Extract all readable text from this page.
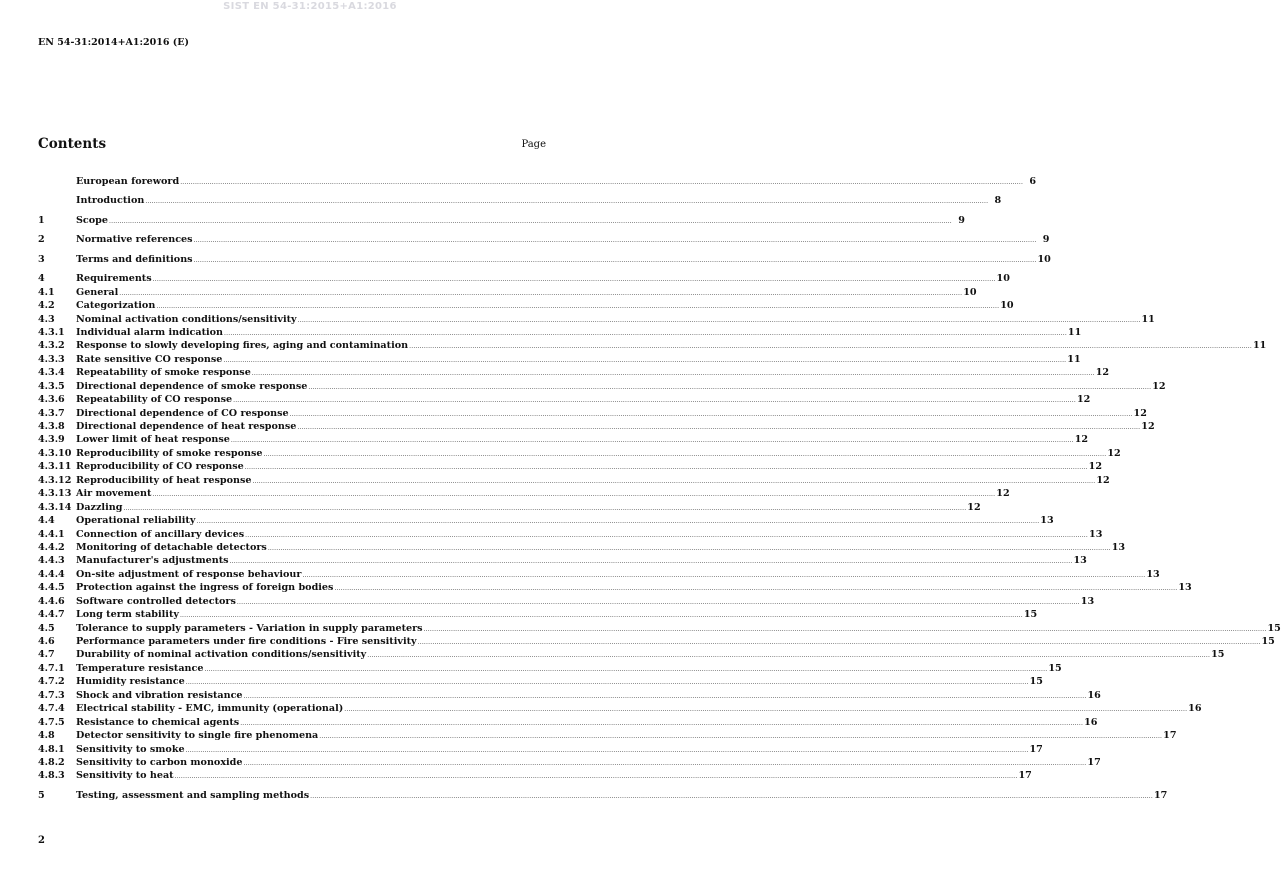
SIST EN 54-31:2015+A1:2016
EN 54-31:2014+A1:2016 (E)
Contents	Page
European foreword ................................................................................................................................................................................................................................................................................................................................................................................................................ 6
Introduction ................................................................................................................................................................................................................................................................................................................................................................................................................ 8
1	Scope ................................................................................................................................................................................................................................................................................................................................................................................................................ 9
2	Normative references ................................................................................................................................................................................................................................................................................................................................................................................................................ 9
3	Terms and definitions ................................................................................................................................................................................................................................................................................................................................................................................................................ 10
4	Requirements ................................................................................................................................................................................................................................................................................................................................................................................................................ 10
4.1	General ................................................................................................................................................................................................................................................................................................................................................................................................................ 10
4.2	Categorization ................................................................................................................................................................................................................................................................................................................................................................................................................ 10
4.3	Nominal activation conditions/sensitivity ................................................................................................................................................................................................................................................................................................................................................................................................................ 11
4.3.1	Individual alarm indication ................................................................................................................................................................................................................................................................................................................................................................................................................ 11
4.3.2	Response to slowly developing fires, aging and contamination ................................................................................................................................................................................................................................................................................................................................................................................................................ 11
4.3.3	Rate sensitive CO response ................................................................................................................................................................................................................................................................................................................................................................................................................ 11
4.3.4	Repeatability of smoke response ................................................................................................................................................................................................................................................................................................................................................................................................................ 12
4.3.5	Directional dependence of smoke response ................................................................................................................................................................................................................................................................................................................................................................................................................ 12
4.3.6	Repeatability of CO response ................................................................................................................................................................................................................................................................................................................................................................................................................ 12
4.3.7	Directional dependence of CO response ................................................................................................................................................................................................................................................................................................................................................................................................................ 12
4.3.8	Directional dependence of heat response ................................................................................................................................................................................................................................................................................................................................................................................................................ 12
4.3.9	Lower limit of heat response ................................................................................................................................................................................................................................................................................................................................................................................................................ 12
4.3.10 Reproducibility of smoke response ................................................................................................................................................................................................................................................................................................................................................................................................................ 12
4.3.11 Reproducibility of CO response ................................................................................................................................................................................................................................................................................................................................................................................................................ 12
4.3.12 Reproducibility of heat response ................................................................................................................................................................................................................................................................................................................................................................................................................ 12
4.3.13 Air movement ................................................................................................................................................................................................................................................................................................................................................................................................................ 12
4.3.14 Dazzling ................................................................................................................................................................................................................................................................................................................................................................................................................ 12
4.4	Operational reliability ................................................................................................................................................................................................................................................................................................................................................................................................................ 13
4.4.1	Connection of ancillary devices ................................................................................................................................................................................................................................................................................................................................................................................................................ 13
4.4.2	Monitoring of detachable detectors ................................................................................................................................................................................................................................................................................................................................................................................................................ 13
4.4.3	Manufacturer's adjustments ................................................................................................................................................................................................................................................................................................................................................................................................................ 13
4.4.4	On-site adjustment of response behaviour ................................................................................................................................................................................................................................................................................................................................................................................................................ 13
4.4.5	Protection against the ingress of foreign bodies ................................................................................................................................................................................................................................................................................................................................................................................................................ 13
4.4.6	Software controlled detectors ................................................................................................................................................................................................................................................................................................................................................................................................................ 13
4.4.7	Long term stability ................................................................................................................................................................................................................................................................................................................................................................................................................ 15
4.5	Tolerance to supply parameters - Variation in supply parameters ................................................................................................................................................................................................................................................................................................................................................................................................................ 15
4.6	Performance parameters under fire conditions - Fire sensitivity ................................................................................................................................................................................................................................................................................................................................................................................................................ 15
4.7	Durability of nominal activation conditions/sensitivity ................................................................................................................................................................................................................................................................................................................................................................................................................ 15
4.7.1	Temperature resistance ................................................................................................................................................................................................................................................................................................................................................................................................................ 15
4.7.2	Humidity resistance ................................................................................................................................................................................................................................................................................................................................................................................................................ 15
4.7.3	Shock and vibration resistance ................................................................................................................................................................................................................................................................................................................................................................................................................ 16
4.7.4	Electrical stability - EMC, immunity (operational) ................................................................................................................................................................................................................................................................................................................................................................................................................ 16
4.7.5	Resistance to chemical agents ................................................................................................................................................................................................................................................................................................................................................................................................................ 16
4.8	Detector sensitivity to single fire phenomena ................................................................................................................................................................................................................................................................................................................................................................................................................ 17
4.8.1	Sensitivity to smoke ................................................................................................................................................................................................................................................................................................................................................................................................................ 17
4.8.2	Sensitivity to carbon monoxide ................................................................................................................................................................................................................................................................................................................................................................................................................ 17
4.8.3	Sensitivity to heat ................................................................................................................................................................................................................................................................................................................................................................................................................ 17
5	Testing, assessment and sampling methods ................................................................................................................................................................................................................................................................................................................................................................................................................ 17
2
